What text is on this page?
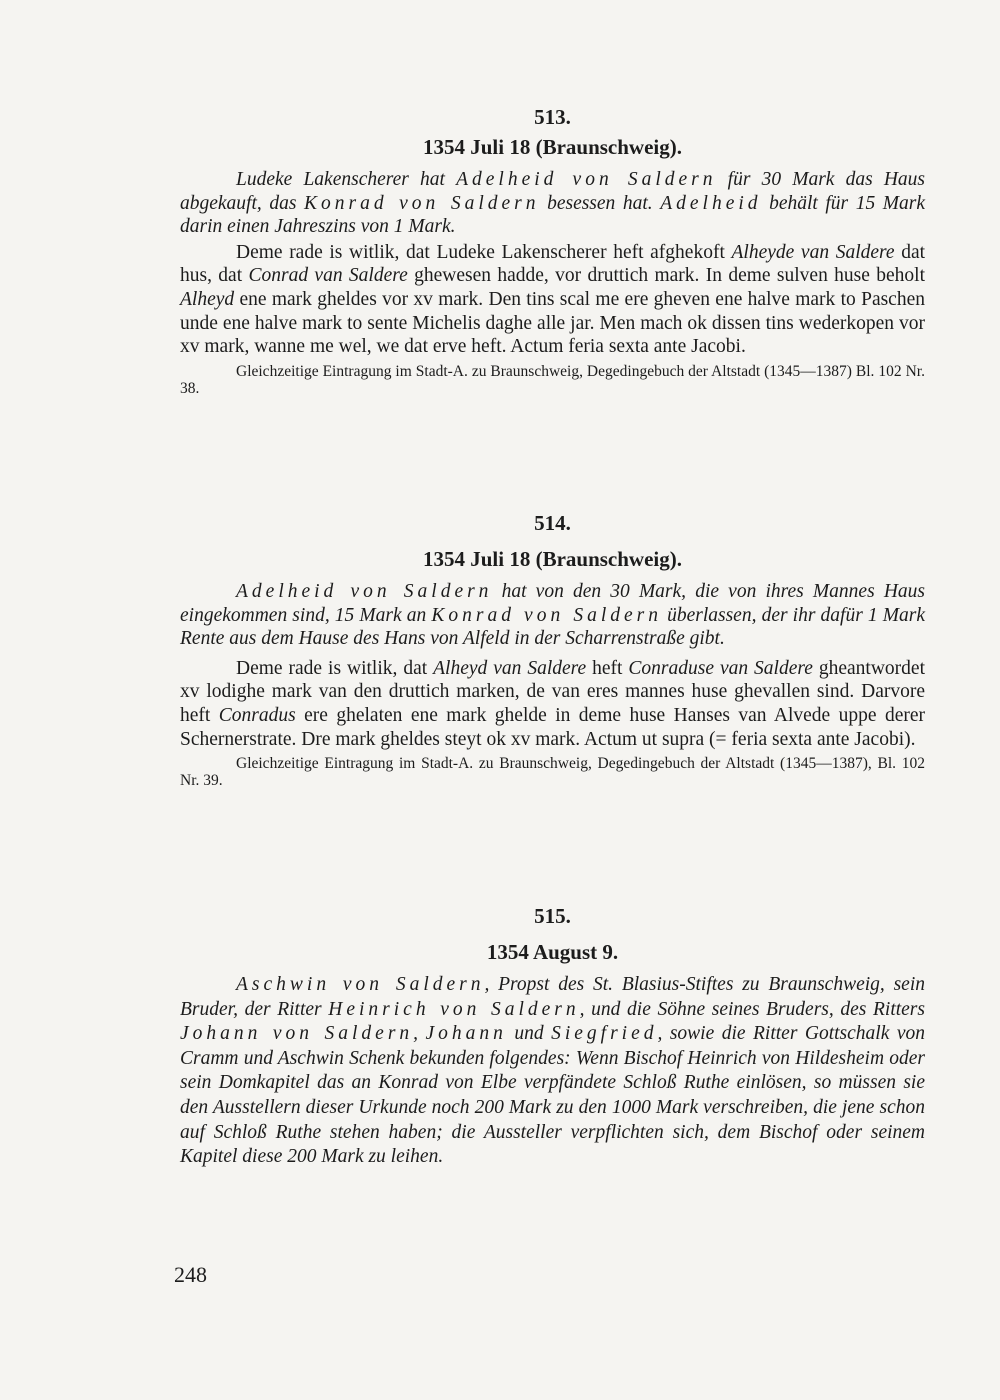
513.
1354 Juli 18 (Braunschweig).

Ludeke Lakenscherer hat Adelheid von Saldern für 30 Mark das Haus abgekauft, das Konrad von Saldern besessen hat. Adelheid behält für 15 Mark darin einen Jahreszins von 1 Mark.

Deme rade is witlik, dat Ludeke Lakenscherer heft afghekoft Alheyde van Saldere dat hus, dat Conrad van Saldere ghewesen hadde, vor druttich mark. In deme sulven huse beholt Alheyd ene mark gheldes vor xv mark. Den tins scal me ere gheven ene halve mark to Paschen unde ene halve mark to sente Michelis daghe alle jar. Men mach ok dissen tins wederkopen vor xv mark, wanne me wel, we dat erve heft. Actum feria sexta ante Jacobi.

Gleichzeitige Eintragung im Stadt-A. zu Braunschweig, Degedingebuch der Altstadt (1345—1387) Bl. 102 Nr. 38.

514.
1354 Juli 18 (Braunschweig).

Adelheid von Saldern hat von den 30 Mark, die von ihres Mannes Haus eingekommen sind, 15 Mark an Konrad von Saldern überlassen, der ihr dafür 1 Mark Rente aus dem Hause des Hans von Alfeld in der Scharrenstraße gibt.

Deme rade is witlik, dat Alheyd van Saldere heft Conraduse van Saldere gheantwordet xv lodighe mark van den druttich marken, de van eres mannes huse ghevallen sind. Darvore heft Conradus ere ghelaten ene mark ghelde in deme huse Hanses van Alvede uppe derer Schernerstrate. Dre mark gheldes steyt ok xv mark. Actum ut supra (= feria sexta ante Jacobi).

Gleichzeitige Eintragung im Stadt-A. zu Braunschweig, Degedingebuch der Altstadt (1345—1387), Bl. 102 Nr. 39.

515.
1354 August 9.

Aschwin von Saldern, Propst des St. Blasius-Stiftes zu Braunschweig, sein Bruder, der Ritter Heinrich von Saldern, und die Söhne seines Bruders, des Ritters Johann von Saldern, Johann und Siegfried, sowie die Ritter Gottschalk von Cramm und Aschwin Schenk bekunden folgendes: Wenn Bischof Heinrich von Hildesheim oder sein Domkapitel das an Konrad von Elbe verpfändete Schloß Ruthe einlösen, so müssen sie den Ausstellern dieser Urkunde noch 200 Mark zu den 1000 Mark verschreiben, die jene schon auf Schloß Ruthe stehen haben; die Aussteller verpflichten sich, dem Bischof oder seinem Kapitel diese 200 Mark zu leihen.

248
